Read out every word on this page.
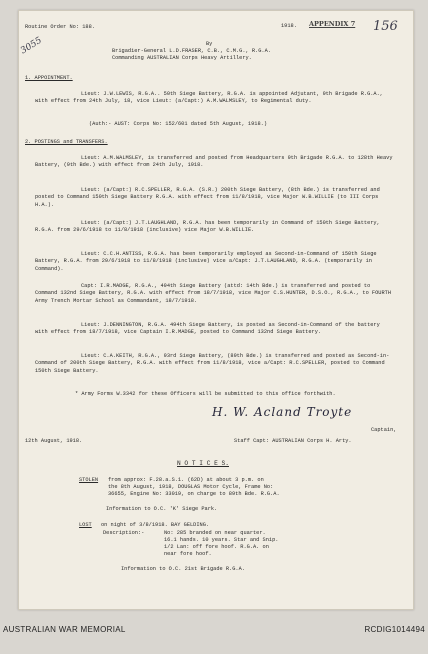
Routine Order No: 188.	1918. APPENDIX 7 156
3055	By
Brigadier-General L.D.FRASER, C.B., C.M.G., R.G.A.
Commanding AUSTRALIAN Corps Heavy Artillery.
1. APPOINTMENT.
Lieut: J.W.LEWIS, R.G.A.. 50th Siege Battery, R.G.A. is appointed Adjutant, 9th Brigade R.G.A., with effect from 24th July, 18, vice Lieut: (a/Capt:) A.M.WALMSLEY, to Regimental duty.
(Auth:- AUST: Corps No: 152/601 dated 5th August, 1918.)
2. POSTINGS and TRANSFERS.
Lieut: A.M.WALMSLEY, is transferred and posted from Headquarters 9th Brigade R.G.A. to 128th Heavy Battery, (9th Bde.) with effect from 24th July, 1918.
Lieut: (a/Capt:) R.C.SPELLER, R.G.A. (S.R.) 200th Siege Battery, (8th Bde.) is transferred and posted to Command 150th Siege Battery R.G.A. with effect from 11/8/1918, vice Major W.B.WILLIE (to III Corps H.A.).
Lieut: (a/Capt:) J.T.LAUGHLAND, R.G.A. has been temporarily in Command of 150th Siege Battery, R.G.A. from 29/6/1918 to 11/8/1918 (inclusive) vice Major W.B.WILLIE.
Lieut: C.C.H.ANTISS, R.G.A. has been temporarily employed as Second-in-Command of 150th Siege Battery, R.G.A. from 29/6/1918 to 11/8/1918 (inclusive) vice a/Capt: J.T.LAUGHLAND, R.G.A. (temporarily in Command).
Capt: I.R.MADGE, R.G.A., 494th Siege Battery (attd: 14th Bde.) is transferred and posted to Command 132nd Siege Battery, R.G.A. with effect from 18/7/1918, vice Major C.S.HUNTER, D.S.O., R.G.A., to FOURTH Army Trench Mortar School as Commandant, 18/7/1918.
Lieut: J.DENNINGTON, R.G.A. 494th Siege Battery, is posted as Second-in-Command of the battery with effect from 18/7/1918, vice Captain I.R.MADGE, posted to Command 132nd Siege Battery.
Lieut: C.A.KEITH, R.G.A., 93rd Siege Battery, (89th Bde.) is transferred and posted as Second-in-Command of 200th Siege Battery, R.G.A. with effect from 11/8/1918, vice a/Capt: R.C.SPELLER, posted to Command 150th Siege Battery.
* Army Forms W.3342 for these Officers will be submitted to this office forthwith.
H. W. Acland Troyte
Captain,
12th August, 1918.	Staff Capt: AUSTRALIAN Corps H. Arty.
N O T I C E S.
STOLEN from approx: F.28.a.S.1. (62D) at about 3 p.m. on
the 8th August, 1918, DOUGLAS Motor Cycle, Frame No:
36655, Engine No: 33019, on charge to 89th Bde. R.G.A.
Information to O.C. 'K' Siege Park.
LOST on night of 3/8/1918. BAY GELDING.
Description:-	No: 285 branded on near quarter.
16.1 hands. 10 years. Star and Snip.
1/2 Lan: off fore hoof. R.G.A. on
near fore hoof.
Information to O.C. 21st Brigade R.G.A.
AUSTRALIAN WAR MEMORIAL	RCDIG1014494
